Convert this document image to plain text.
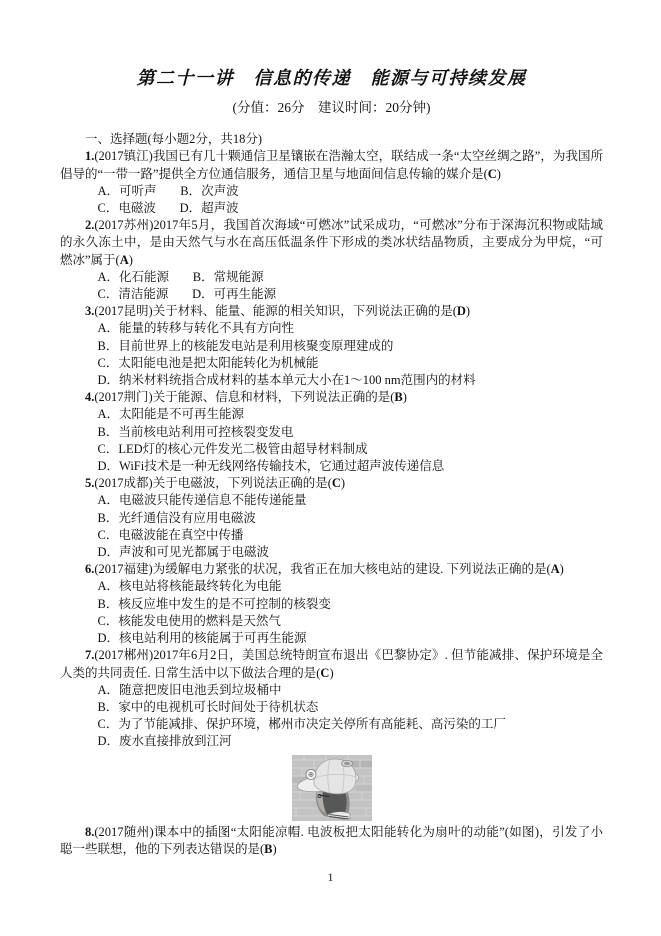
第二十一讲　信息的传递　能源与可持续发展

(分值：26分　建议时间：20分钟)

一、选择题(每小题2分，共18分)

1.(2017镇江)我国已有几十颗通信卫星镶嵌在浩瀚太空，联结成一条“太空丝绸之路”，为我国所倡导的“一带一路”提供全方位通信服务，通信卫星与地面间信息传输的媒介是(C)

A．可听声 B．次声波

C．电磁波 D．超声波

2.(2017苏州)2017年5月，我国首次海域“可燃冰”试采成功，“可燃冰”分布于深海沉积物或陆域的永久冻土中，是由天然气与水在高压低温条件下形成的类冰状结晶物质，主要成分为甲烷，“可燃冰”属于(A)

A．化石能源 B．常规能源

C．清洁能源 D．可再生能源

3.(2017昆明)关于材料、能量、能源的相关知识，下列说法正确的是(D)

A．能量的转移与转化不具有方向性

B．目前世界上的核能发电站是利用核聚变原理建成的

C．太阳能电池是把太阳能转化为机械能

D．纳米材料统指合成材料的基本单元大小在1～100 nm范围内的材料

4.(2017荆门)关于能源、信息和材料，下列说法正确的是(B)

A．太阳能是不可再生能源

B．当前核电站利用可控核裂变发电

C．LED灯的核心元件发光二极管由超导材料制成

D．WiFi技术是一种无线网络传输技术，它通过超声波传递信息

5.(2017成都)关于电磁波，下列说法正确的是(C)

A．电磁波只能传递信息不能传递能量

B．光纤通信没有应用电磁波

C．电磁波能在真空中传播

D．声波和可见光都属于电磁波

6.(2017福建)为缓解电力紧张的状况，我省正在加大核电站的建设. 下列说法正确的是(A)

A．核电站将核能最终转化为电能

B．核反应堆中发生的是不可控制的核裂变

C．核能发电使用的燃料是天然气

D．核电站利用的核能属于可再生能源

7.(2017郴州)2017年6月2日，美国总统特朗宣布退出《巴黎协定》. 但节能减排、保护环境是全人类的共同责任. 日常生活中以下做法合理的是(C)

A．随意把废旧电池丢到垃圾桶中

B．家中的电视机可长时间处于待机状态

C．为了节能减排、保护环境，郴州市决定关停所有高能耗、高污染的工厂

D．废水直接排放到江河

8.(2017随州)课本中的插图“太阳能凉帽. 电波板把太阳能转化为扇叶的动能”(如图)，引发了小聪一些联想，他的下列表达错误的是(B)

1
